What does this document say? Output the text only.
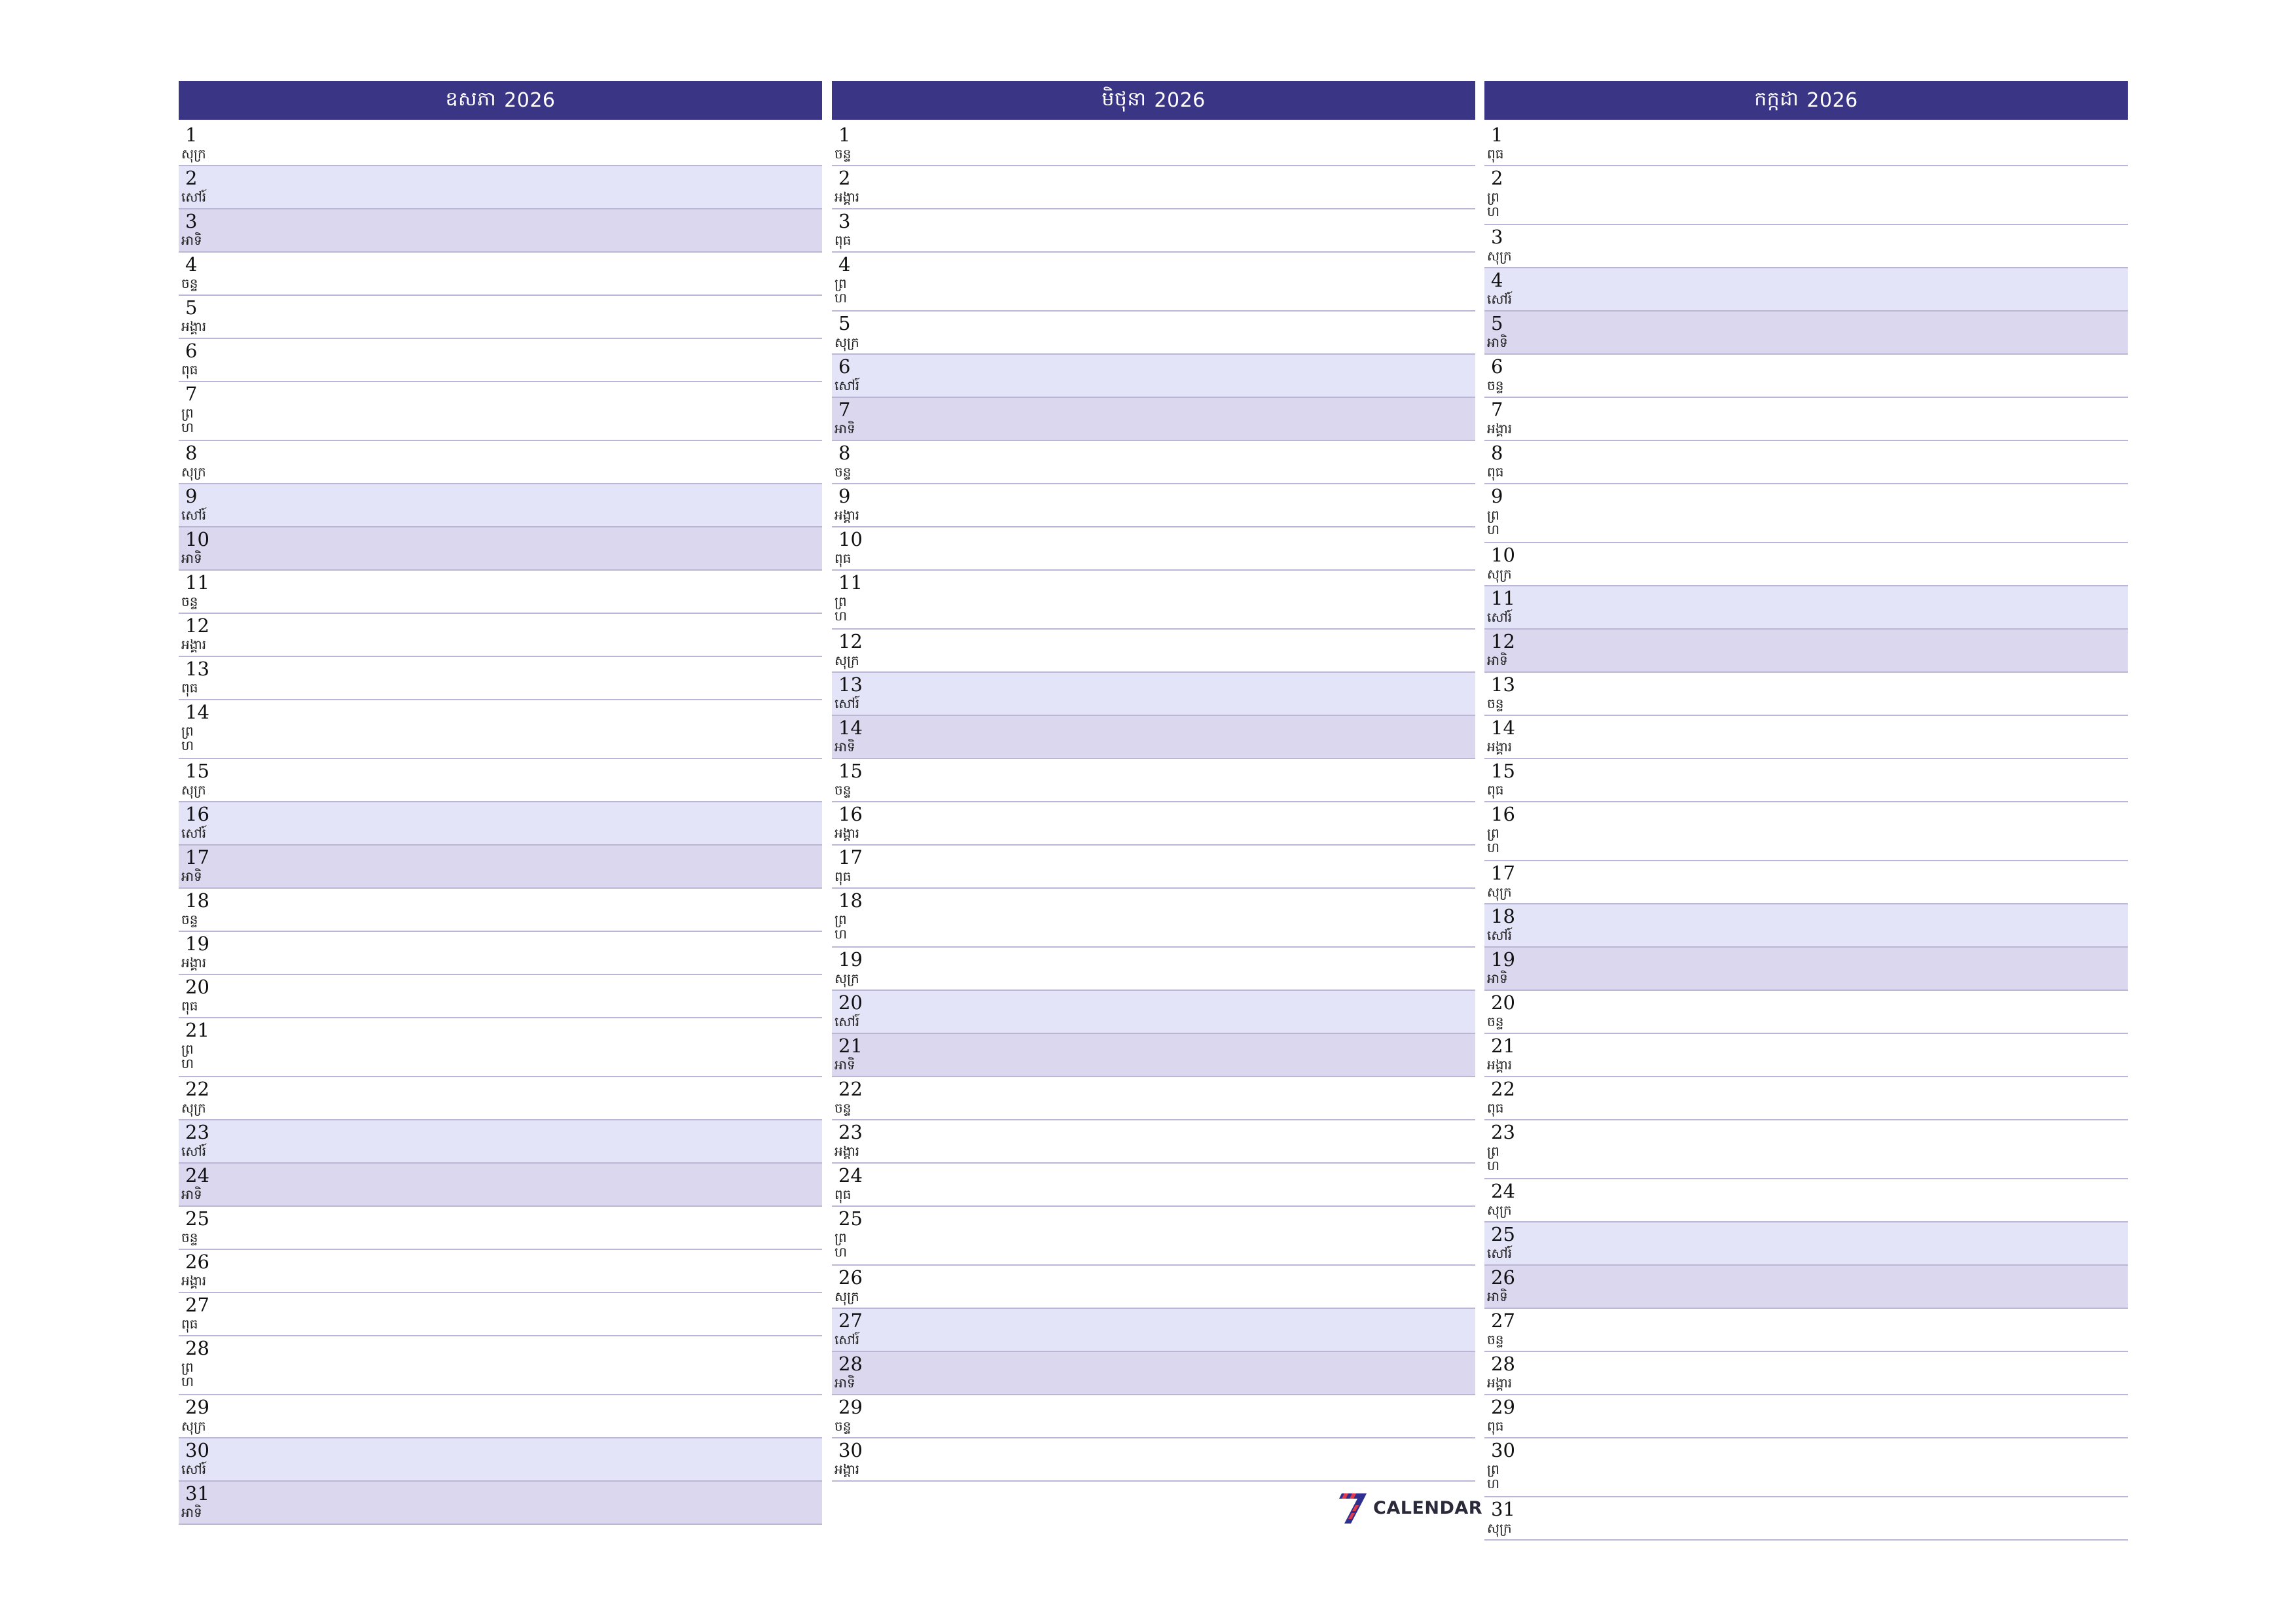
ឧសភា 2026
1
សុក្រ
2
សៅរ៍
3
អាទិ
4
ចន្ទ
5
អង្គារ
6
ពុធ
7
ព្រហ
8
សុក្រ
9
សៅរ៍
10
អាទិ
11
ចន្ទ
12
អង្គារ
13
ពុធ
14
ព្រហ
15
សុក្រ
16
សៅរ៍
17
អាទិ
18
ចន្ទ
19
អង្គារ
20
ពុធ
21
ព្រហ
22
សុក្រ
23
សៅរ៍
24
អាទិ
25
ចន្ទ
26
អង្គារ
27
ពុធ
28
ព្រហ
29
សុក្រ
30
សៅរ៍
31
អាទិ
មិថុនា 2026
1
ចន្ទ
2
អង្គារ
3
ពុធ
4
ព្រហ
5
សុក្រ
6
សៅរ៍
7
អាទិ
8
ចន្ទ
9
អង្គារ
10
ពុធ
11
ព្រហ
12
សុក្រ
13
សៅរ៍
14
អាទិ
15
ចន្ទ
16
អង្គារ
17
ពុធ
18
ព្រហ
19
សុក្រ
20
សៅរ៍
21
អាទិ
22
ចន្ទ
23
អង្គារ
24
ពុធ
25
ព្រហ
26
សុក្រ
27
សៅរ៍
28
អាទិ
29
ចន្ទ
30
អង្គារ
កក្កដា 2026
1
ពុធ
2
ព្រហ
3
សុក្រ
4
សៅរ៍
5
អាទិ
6
ចន្ទ
7
អង្គារ
8
ពុធ
9
ព្រហ
10
សុក្រ
11
សៅរ៍
12
អាទិ
13
ចន្ទ
14
អង្គារ
15
ពុធ
16
ព្រហ
17
សុក្រ
18
សៅរ៍
19
អាទិ
20
ចន្ទ
21
អង្គារ
22
ពុធ
23
ព្រហ
24
សុក្រ
25
សៅរ៍
26
អាទិ
27
ចន្ទ
28
អង្គារ
29
ពុធ
30
ព្រហ
31
សុក្រ
CALENDAR
